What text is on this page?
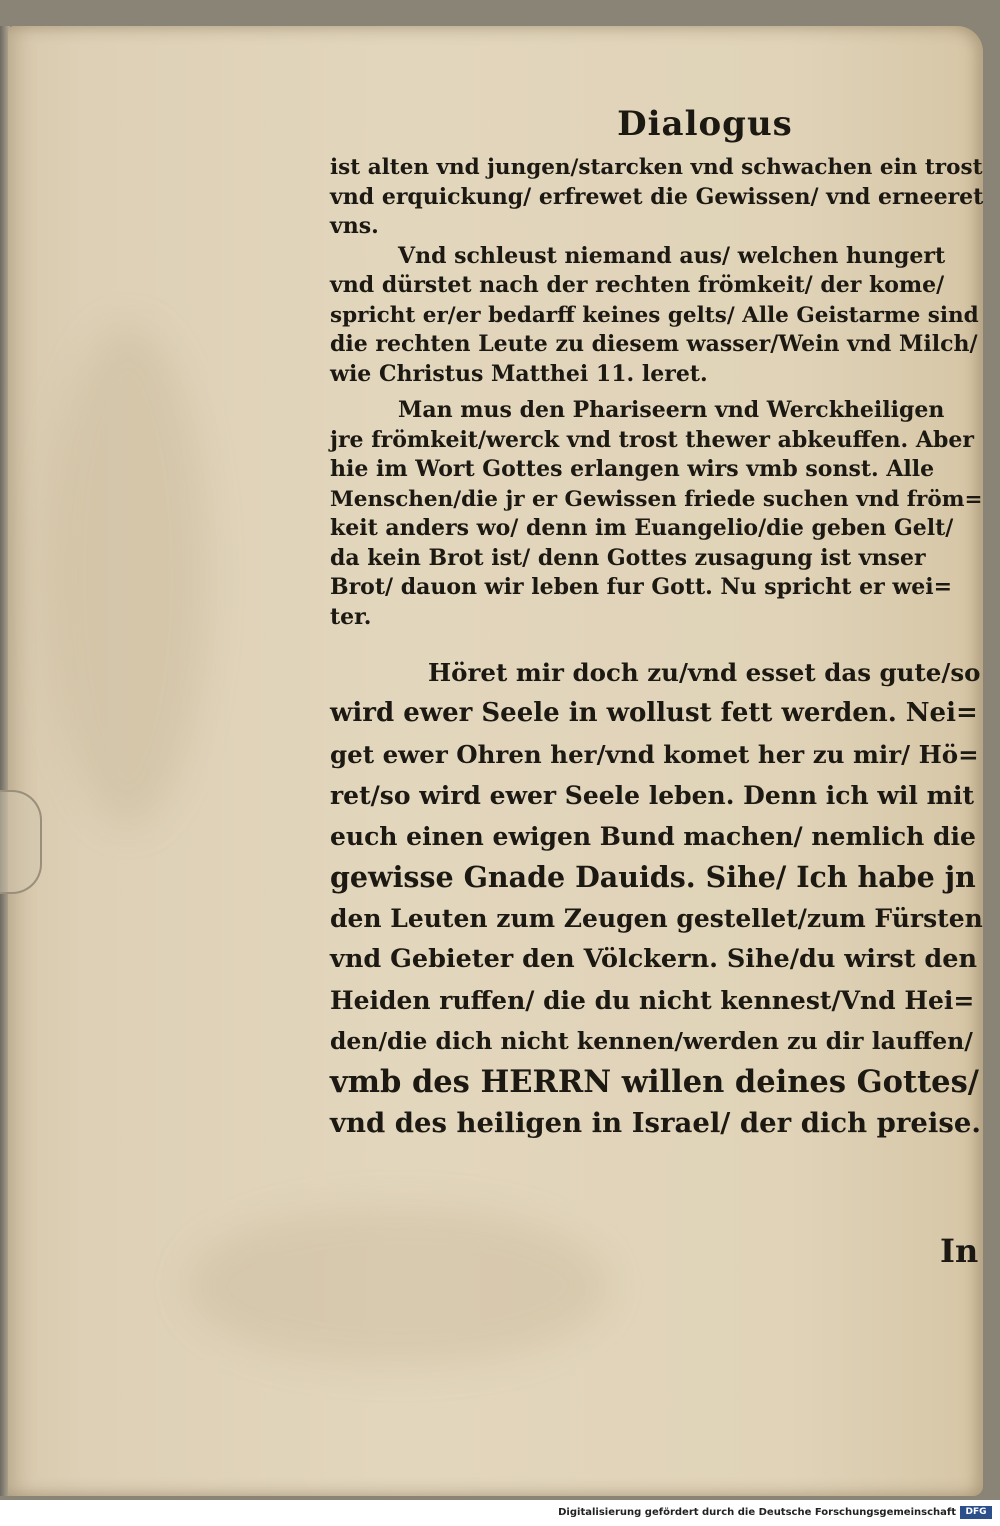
Dialogus

ist alten vnd jungen/starcken vnd schwachen ein trost

vnd erquickung/ erfrewet die Gewissen/ vnd erneeret

vns.

Vnd schleust niemand aus/ welchen hungert

vnd dürstet nach der rechten frömkeit/ der kome/

spricht er/er bedarff keines gelts/ Alle Geistarme sind

die rechten Leute zu diesem wasser/Wein vnd Milch/

wie Christus Matthei 11. leret.

Man mus den Phariseern vnd Werckheiligen

jre frömkeit/werck vnd trost thewer abkeuffen. Aber

hie im Wort Gottes erlangen wirs vmb sonst. Alle

Menschen/die jr er Gewissen friede suchen vnd fröm=

keit anders wo/ denn im Euangelio/die geben Gelt/

da kein Brot ist/ denn Gottes zusagung ist vnser

Brot/ dauon wir leben fur Gott. Nu spricht er wei=

ter.

Höret mir doch zu/vnd esset das gute/so

wird ewer Seele in wollust fett werden. Nei=

get ewer Ohren her/vnd komet her zu mir/ Hö=

ret/so wird ewer Seele leben. Denn ich wil mit

euch einen ewigen Bund machen/ nemlich die

gewisse Gnade Dauids. Sihe/ Ich habe jn

den Leuten zum Zeugen gestellet/zum Fürsten

vnd Gebieter den Völckern. Sihe/du wirst den

Heiden ruffen/ die du nicht kennest/Vnd Hei=

den/die dich nicht kennen/werden zu dir lauffen/

vmb des HERRN willen deines Gottes/

vnd des heiligen in Israel/ der dich preise.

In
Digitalisierung gefördert durch die Deutsche Forschungsgemeinschaft	DFG
